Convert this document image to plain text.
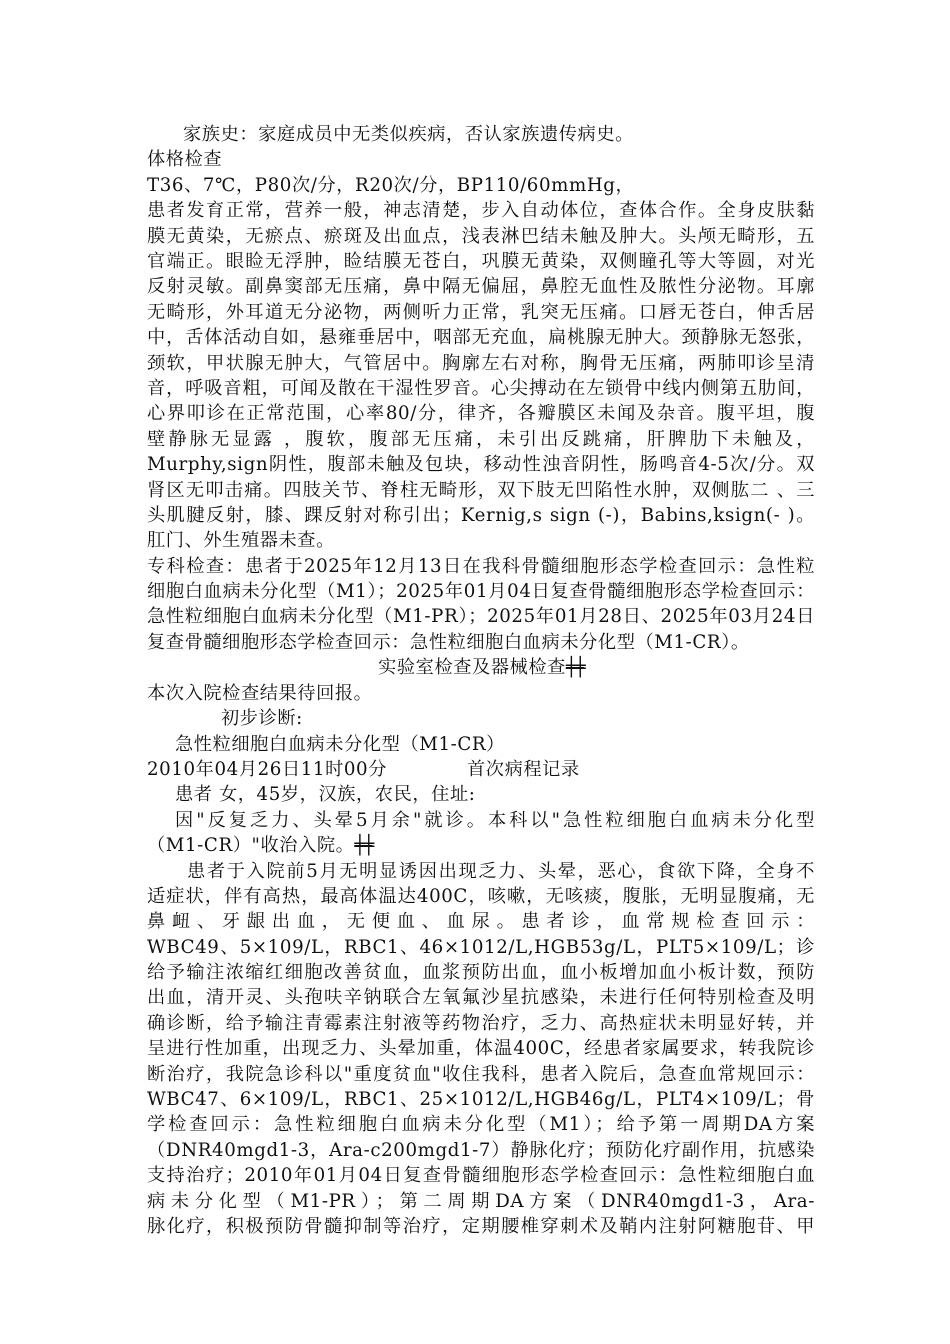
家族史：家庭成员中无类似疾病，否认家族遗传病史。
体格检查
T36、7℃，P80次/分，R20次/分，BP110/60mmHg，
患者发育正常，营养一般，神志清楚，步入自动体位，查体合作。全身皮肤黏
膜无黄染，无瘀点、瘀斑及出血点，浅表淋巴结未触及肿大。头颅无畸形，五
官端正。眼睑无浮肿，睑结膜无苍白，巩膜无黄染，双侧瞳孔等大等圆，对光
反射灵敏。副鼻窦部无压痛，鼻中隔无偏屈，鼻腔无血性及脓性分泌物。耳廓
无畸形，外耳道无分泌物，两侧听力正常，乳突无压痛。口唇无苍白，伸舌居
中，舌体活动自如，悬雍垂居中，咽部无充血，扁桃腺无肿大。颈静脉无怒张，
颈软，甲状腺无肿大，气管居中。胸廓左右对称，胸骨无压痛，两肺叩诊呈清
音，呼吸音粗，可闻及散在干湿性罗音。心尖搏动在左锁骨中线内侧第五肋间，
心界叩诊在正常范围，心率80/分，律齐，各瓣膜区未闻及杂音。腹平坦，腹
壁静脉无显露 ，腹软，腹部无压痛，未引出反跳痛，肝脾肋下未触及，
Murphy,sign阴性，腹部未触及包块，移动性浊音阴性，肠鸣音4-5次/分。双
肾区无叩击痛。四肢关节、脊柱无畸形，双下肢无凹陷性水肿，双侧肱二 、三
头肌腱反射，膝、踝反射对称引出；Kernig,s sign (-)，Babins,ksign(- )。
肛门、外生殖器未查。
专科检查：患者于2025年12月13日在我科骨髓细胞形态学检查回示：急性粒
细胞白血病未分化型（M1）；2025年01月04日复查骨髓细胞形态学检查回示：
急性粒细胞白血病未分化型（M1-PR）；2025年01月28日、2025年03月24日
复查骨髓细胞形态学检查回示：急性粒细胞白血病未分化型（M1-CR）。
实验室检查及器械检查╪╪
本次入院检查结果待回报。
初步诊断:
急性粒细胞白血病未分化型（M1-CR）
2010年04月26日11时00分	首次病程记录
患者 女，45岁，汉族，农民，住址:
因"反复乏力、头晕5月余"就诊。本科以"急性粒细胞白血病未分化型
（M1-CR）"收治入院。╪╪
患者于入院前5月无明显诱因出现乏力、头晕，恶心，食欲下降，全身不
适症状，伴有高热，最高体温达400C，咳嗽，无咳痰，腹胀，无明显腹痛，无
鼻衄、牙龈出血，无便血、血尿。患者诊，血常规检查回示：
WBC49、5×109/L，RBC1、46×1012/L,HGB53g/L，PLT5×109/L；诊
给予输注浓缩红细胞改善贫血，血浆预防出血，血小板增加血小板计数，预防
出血，清开灵、头孢呋辛钠联合左氧氟沙星抗感染，未进行任何特别检查及明
确诊断，给予输注青霉素注射液等药物治疗，乏力、高热症状未明显好转，并
呈进行性加重，出现乏力、头晕加重，体温400C，经患者家属要求，转我院诊
断治疗，我院急诊科以"重度贫血"收住我科，患者入院后，急查血常规回示：
WBC47、6×109/L，RBC1、25×1012/L,HGB46g/L，PLT4×109/L；骨
学检查回示：急性粒细胞白血病未分化型（M1）；给予第一周期DA方案
（DNR40mgd1-3，Ara-c200mgd1-7）静脉化疗；预防化疗副作用，抗感染
支持治疗；2010年01月04日复查骨髓细胞形态学检查回示：急性粒细胞白血
病未分化型（M1-PR）；第二周期DA方案（DNR40mgd1-3，Ara-
脉化疗，积极预防骨髓抑制等治疗，定期腰椎穿刺术及鞘内注射阿糖胞苷、甲
